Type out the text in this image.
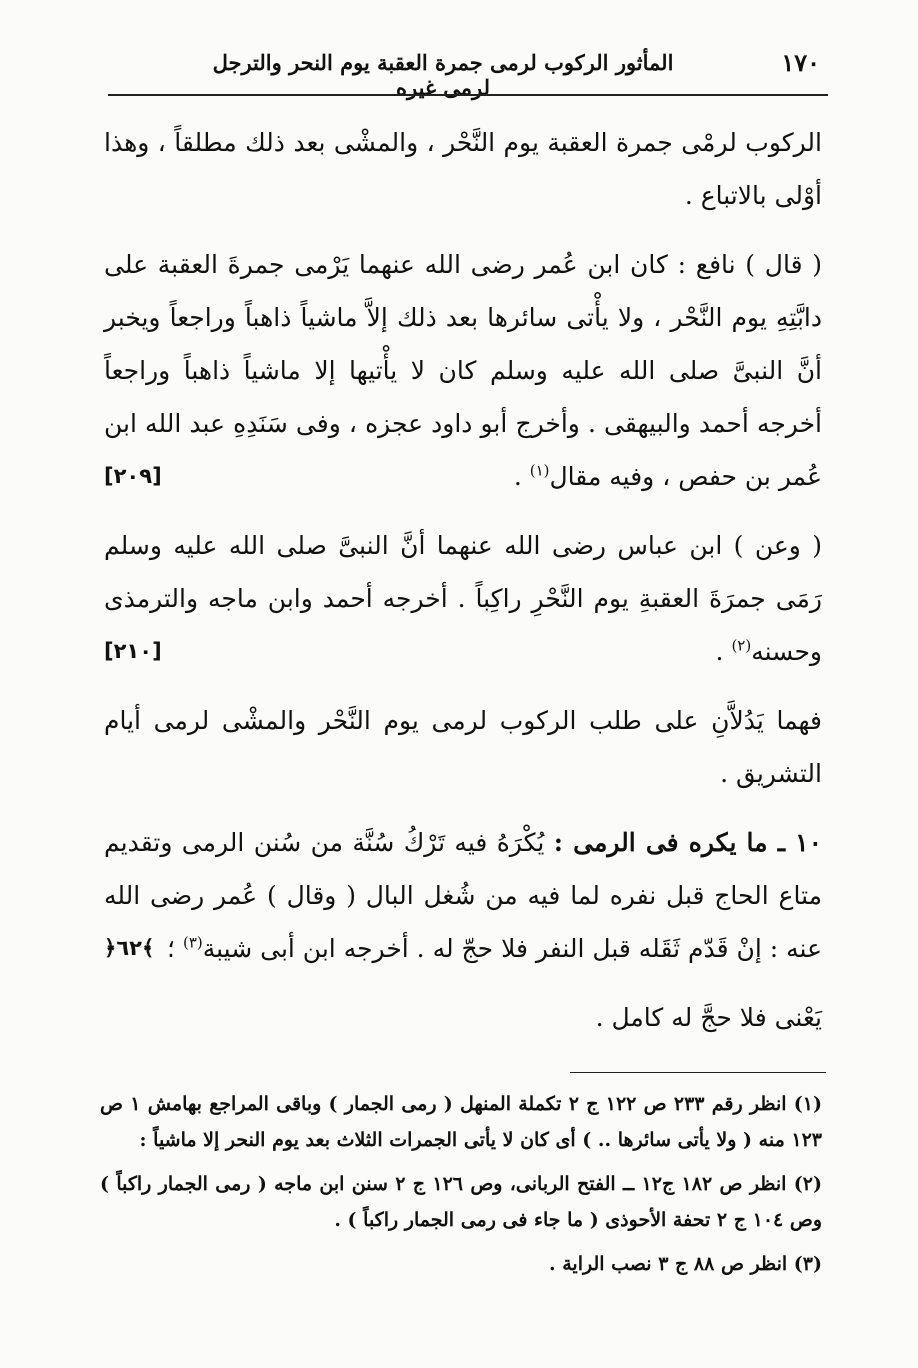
١٧٠
المأثور الركوب لرمى جمرة العقبة يوم النحر والترجل لرمى غيره

الركوب لرمْى جمرة العقبة يوم النَّحْر ، والمشْى بعد ذلك مطلقاً ، وهذا أوْلى بالاتباع .

( قال ) نافع : كان ابن عُمر رضى الله عنهما يَرْمى جمرةَ العقبة على دابَّتِهِ يوم النَّحْر ، ولا يأْتى سائرها بعد ذلك إلاَّ ماشياً ذاهباً وراجعاً ويخبر أنَّ النبىَّ صلى الله عليه وسلم كان لا يأْتيها إلا ماشياً ذاهباً وراجعاً أخرجه أحمد والبيهقى . وأخرج أبو داود عجزه ، وفى سَنَدِهِ عبد الله ابن عُمر بن حفص ، وفيه مقال$^{(١)}$ .
[٢٠٩]

( وعن ) ابن عباس رضى الله عنهما أنَّ النبىَّ صلى الله عليه وسلم رَمَى جمرَةَ العقبةِ يوم النَّحْرِ راكِباً . أخرجه أحمد وابن ماجه والترمذى وحسنه$^{(٢)}$ .
[٢١٠]

فهما يَدُلاَّنِ على طلب الركوب لرمى يوم النَّحْر والمشْى لرمى أيام التشريق .

١٠ ـ ما يكره فى الرمى : يُكْرَهُ فيه تَرْكُ سُنَّة من سُنن الرمى وتقديم متاع الحاج قبل نفره لما فيه من شُغل البال ( وقال ) عُمر رضى الله عنه : إنْ قَدّم ثَقَله قبل النفر فلا حجّ له . أخرجه ابن أبى شيبة$^{(٣)}$ ؛
﴿٦٢﴾

يَعْنى فلا حجَّ له كامل .

(١) انظر رقم ٢٣٣ ص ١٢٢ ج ٢ تكملة المنهل ( رمى الجمار ) وباقى المراجع بهامش ١ ص ١٢٣ منه ( ولا يأتى سائرها .. ) أى كان لا يأتى الجمرات الثلاث بعد يوم النحر إلا ماشياً :

(٢) انظر ص ١٨٢ ج١٢ ــ الفتح الربانى، وص ١٢٦ ج ٢ سنن ابن ماجه ( رمى الجمار راكباً ) وص ١٠٤ ج ٢ تحفة الأحوذى ( ما جاء فى رمى الجمار راكباً ) .

(٣) انظر ص ٨٨ ج ٣ نصب الراية .
